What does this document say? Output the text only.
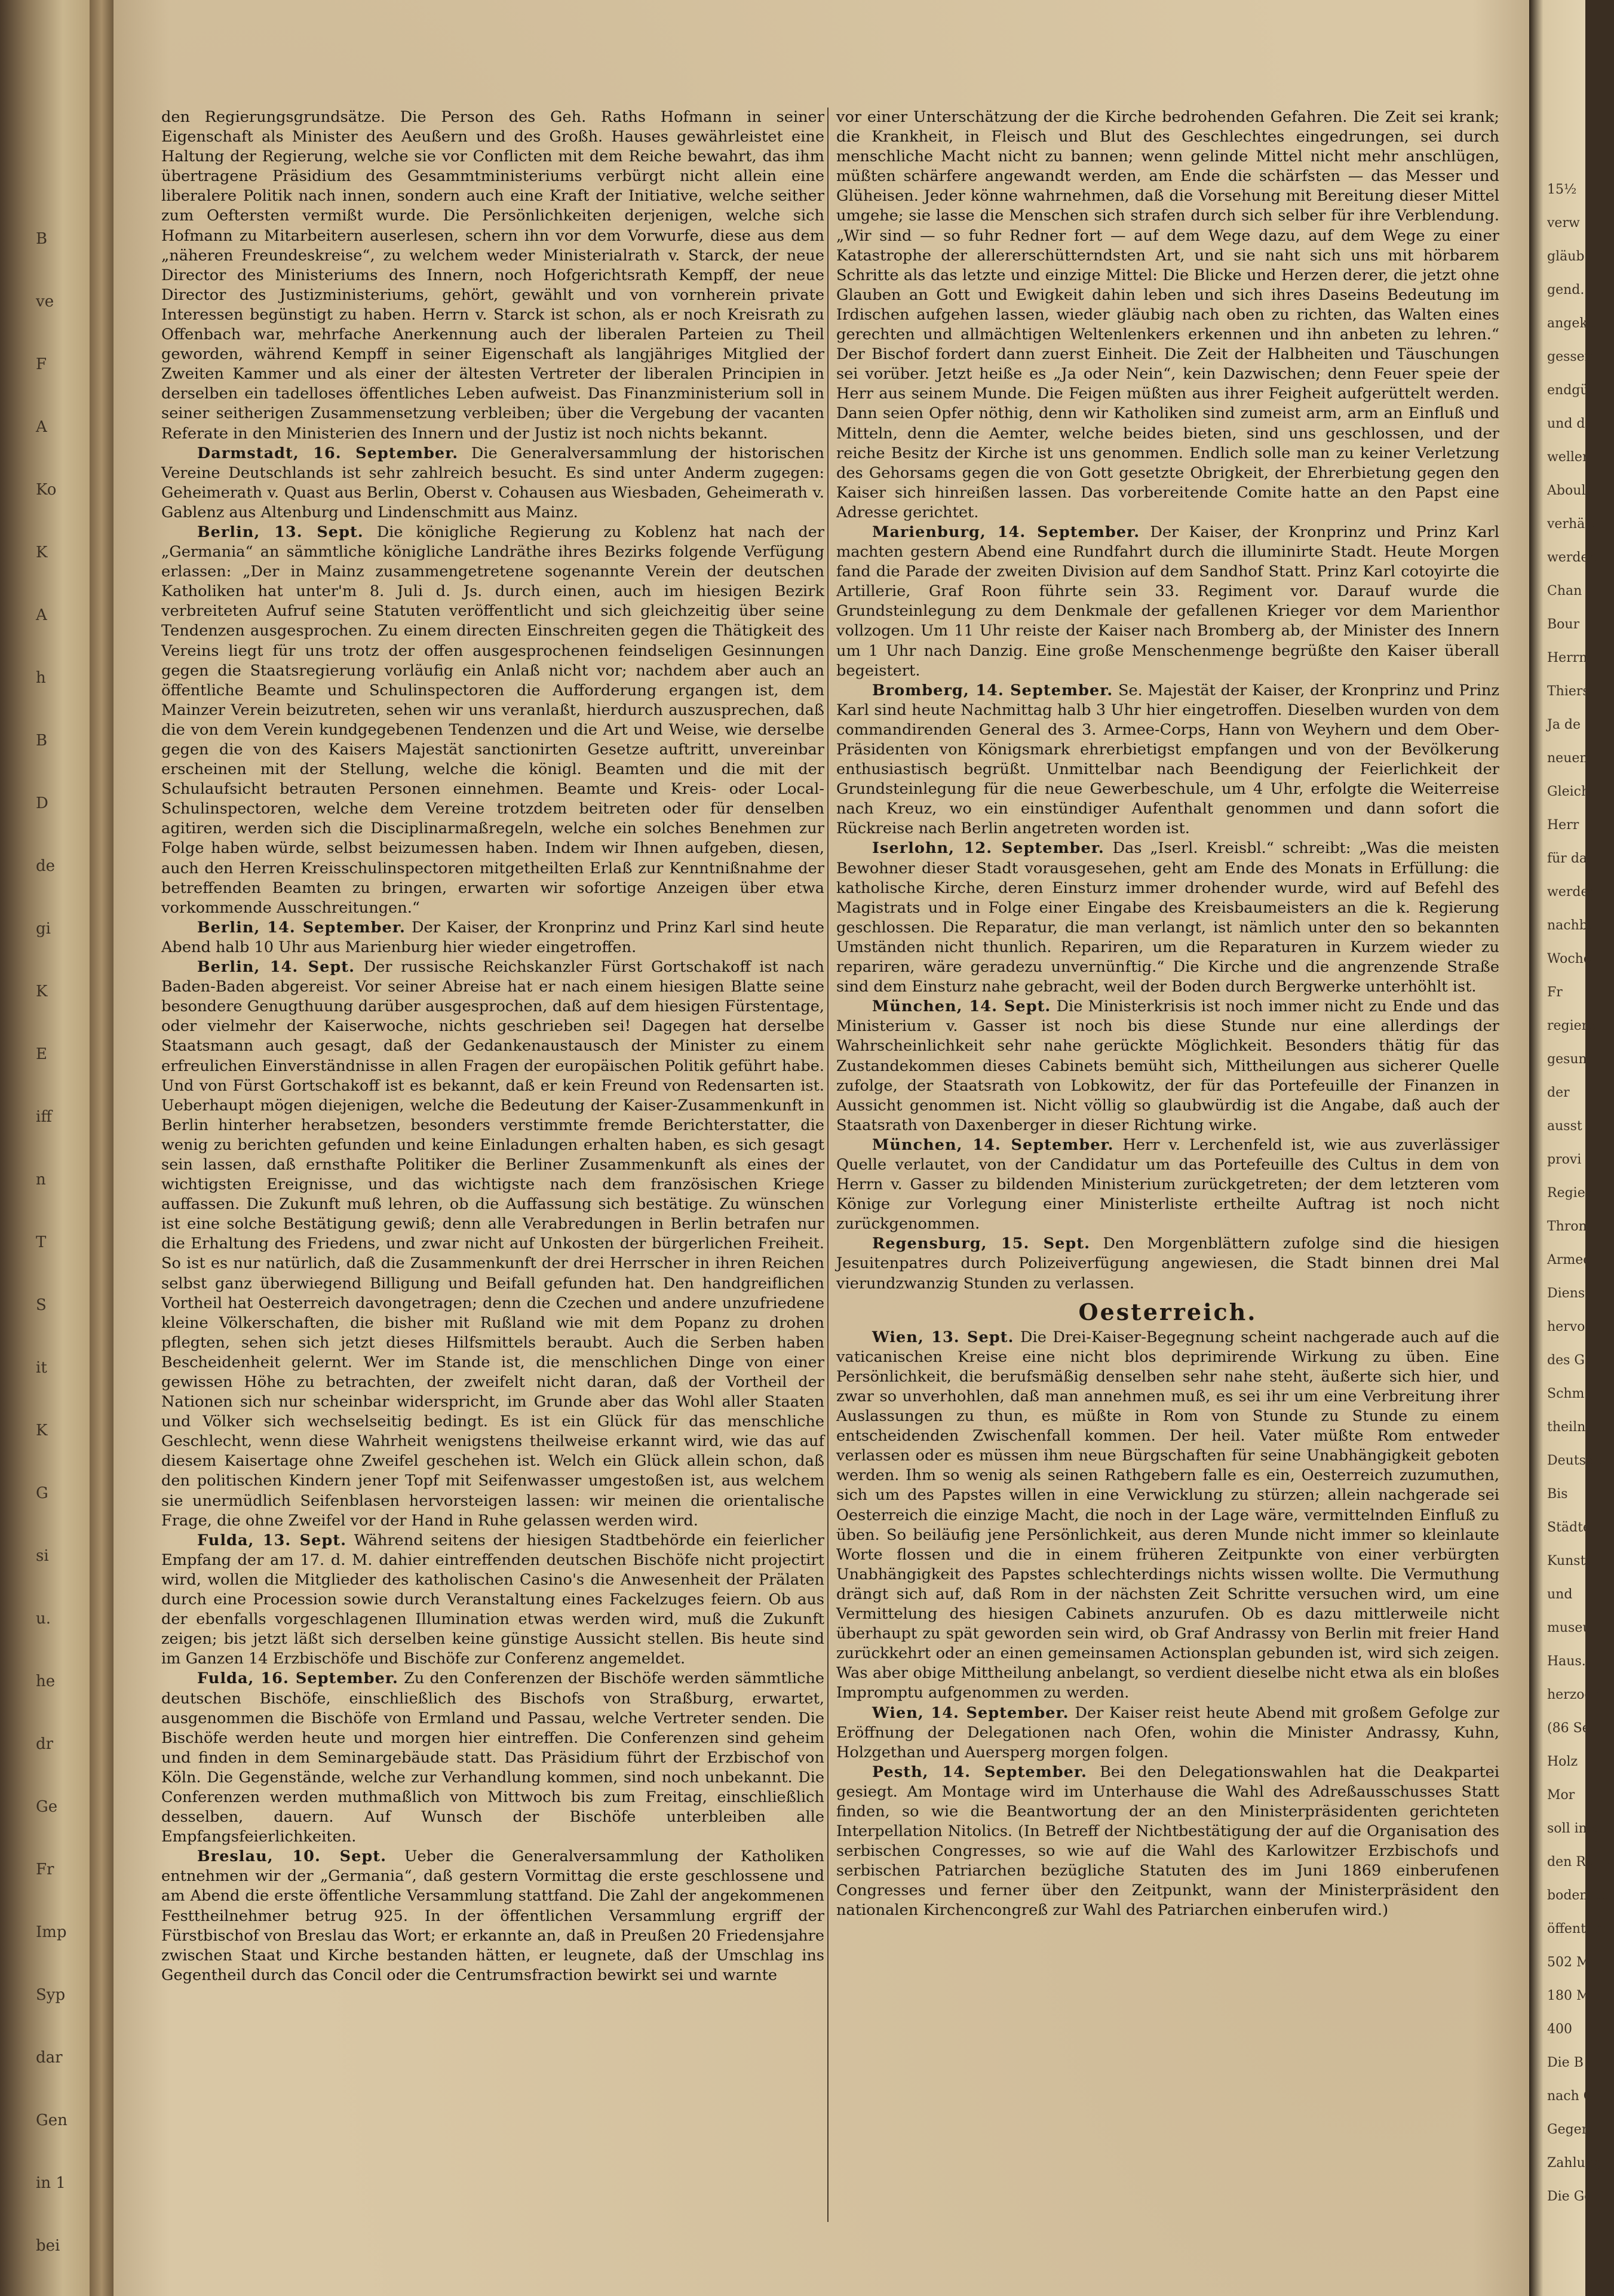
B
ve
F
A
Ko
K
A
h
B
D
de
gi
K
E
iff
n
T
S
it
K
G
si
u.
he
dr
Ge
Fr
Imp
Syp
dar
Gen
in 1
bei

den Regierungsgrundsätze. Die Person des Geh. Raths Hofmann in seiner Eigenschaft als Minister des Aeußern und des Großh. Hauses gewährleistet eine Haltung der Regierung, welche sie vor Conflicten mit dem Reiche bewahrt, das ihm übertragene Präsidium des Gesammtministeriums verbürgt nicht allein eine liberalere Politik nach innen, sondern auch eine Kraft der Initiative, welche seither zum Oeftersten vermißt wurde. Die Persönlichkeiten derjenigen, welche sich Hofmann zu Mitarbeitern auserlesen, schern ihn vor dem Vorwurfe, diese aus dem „näheren Freundeskreise“, zu welchem weder Ministerialrath v. Starck, der neue Director des Ministeriums des Innern, noch Hofgerichtsrath Kempff, der neue Director des Justizministeriums, gehört, gewählt und von vornherein private Interessen begünstigt zu haben. Herrn v. Starck ist schon, als er noch Kreisrath zu Offenbach war, mehrfache Anerkennung auch der liberalen Parteien zu Theil geworden, während Kempff in seiner Eigenschaft als langjähriges Mitglied der Zweiten Kammer und als einer der ältesten Vertreter der liberalen Principien in derselben ein tadelloses öffentliches Leben aufweist. Das Finanzministerium soll in seiner seitherigen Zusammensetzung verbleiben; über die Vergebung der vacanten Referate in den Ministerien des Innern und der Justiz ist noch nichts bekannt.

Darmstadt, 16. September. Die Generalversammlung der historischen Vereine Deutschlands ist sehr zahlreich besucht. Es sind unter Anderm zugegen: Geheimerath v. Quast aus Berlin, Oberst v. Cohausen aus Wiesbaden, Geheimerath v. Gablenz aus Altenburg und Lindenschmitt aus Mainz.

Berlin, 13. Sept. Die königliche Regierung zu Koblenz hat nach der „Germania“ an sämmtliche königliche Landräthe ihres Bezirks folgende Verfügung erlassen: „Der in Mainz zusammengetretene sogenannte Verein der deutschen Katholiken hat unter'm 8. Juli d. Js. durch einen, auch im hiesigen Bezirk verbreiteten Aufruf seine Statuten veröffentlicht und sich gleichzeitig über seine Tendenzen ausgesprochen. Zu einem directen Einschreiten gegen die Thätigkeit des Vereins liegt für uns trotz der offen ausgesprochenen feindseligen Gesinnungen gegen die Staatsregierung vorläufig ein Anlaß nicht vor; nachdem aber auch an öffentliche Beamte und Schulinspectoren die Aufforderung ergangen ist, dem Mainzer Verein beizutreten, sehen wir uns veranlaßt, hierdurch auszusprechen, daß die von dem Verein kundgegebenen Tendenzen und die Art und Weise, wie derselbe gegen die von des Kaisers Majestät sanctionirten Gesetze auftritt, unvereinbar erscheinen mit der Stellung, welche die königl. Beamten und die mit der Schulaufsicht betrauten Personen einnehmen. Beamte und Kreis- oder Local-Schulinspectoren, welche dem Vereine trotzdem beitreten oder für denselben agitiren, werden sich die Disciplinarmaßregeln, welche ein solches Benehmen zur Folge haben würde, selbst beizumessen haben. Indem wir Ihnen aufgeben, diesen, auch den Herren Kreisschulinspectoren mitgetheilten Erlaß zur Kenntnißnahme der betreffenden Beamten zu bringen, erwarten wir sofortige Anzeigen über etwa vorkommende Ausschreitungen.“

Berlin, 14. September. Der Kaiser, der Kronprinz und Prinz Karl sind heute Abend halb 10 Uhr aus Marienburg hier wieder eingetroffen.

Berlin, 14. Sept. Der russische Reichskanzler Fürst Gortschakoff ist nach Baden-Baden abgereist. Vor seiner Abreise hat er nach einem hiesigen Blatte seine besondere Genugthuung darüber ausgesprochen, daß auf dem hiesigen Fürstentage, oder vielmehr der Kaiserwoche, nichts geschrieben sei! Dagegen hat derselbe Staatsmann auch gesagt, daß der Gedankenaustausch der Minister zu einem erfreulichen Einverständnisse in allen Fragen der europäischen Politik geführt habe. Und von Fürst Gortschakoff ist es bekannt, daß er kein Freund von Redensarten ist. Ueberhaupt mögen diejenigen, welche die Bedeutung der Kaiser-Zusammenkunft in Berlin hinterher herabsetzen, besonders verstimmte fremde Berichterstatter, die wenig zu berichten gefunden und keine Einladungen erhalten haben, es sich gesagt sein lassen, daß ernsthafte Politiker die Berliner Zusammenkunft als eines der wichtigsten Ereignisse, und das wichtigste nach dem französischen Kriege auffassen. Die Zukunft muß lehren, ob die Auffassung sich bestätige. Zu wünschen ist eine solche Bestätigung gewiß; denn alle Verabredungen in Berlin betrafen nur die Erhaltung des Friedens, und zwar nicht auf Unkosten der bürgerlichen Freiheit. So ist es nur natürlich, daß die Zusammenkunft der drei Herrscher in ihren Reichen selbst ganz überwiegend Billigung und Beifall gefunden hat. Den handgreiflichen Vortheil hat Oesterreich davongetragen; denn die Czechen und andere unzufriedene kleine Völkerschaften, die bisher mit Rußland wie mit dem Popanz zu drohen pflegten, sehen sich jetzt dieses Hilfsmittels beraubt. Auch die Serben haben Bescheidenheit gelernt. Wer im Stande ist, die menschlichen Dinge von einer gewissen Höhe zu betrachten, der zweifelt nicht daran, daß der Vortheil der Nationen sich nur scheinbar widerspricht, im Grunde aber das Wohl aller Staaten und Völker sich wechselseitig bedingt. Es ist ein Glück für das menschliche Geschlecht, wenn diese Wahrheit wenigstens theilweise erkannt wird, wie das auf diesem Kaisertage ohne Zweifel geschehen ist. Welch ein Glück allein schon, daß den politischen Kindern jener Topf mit Seifenwasser umgestoßen ist, aus welchem sie unermüdlich Seifenblasen hervorsteigen lassen: wir meinen die orientalische Frage, die ohne Zweifel vor der Hand in Ruhe gelassen werden wird.

Fulda, 13. Sept. Während seitens der hiesigen Stadtbehörde ein feierlicher Empfang der am 17. d. M. dahier eintreffenden deutschen Bischöfe nicht projectirt wird, wollen die Mitglieder des katholischen Casino's die Anwesenheit der Prälaten durch eine Procession sowie durch Veranstaltung eines Fackelzuges feiern. Ob aus der ebenfalls vorgeschlagenen Illumination etwas werden wird, muß die Zukunft zeigen; bis jetzt läßt sich derselben keine günstige Aussicht stellen. Bis heute sind im Ganzen 14 Erzbischöfe und Bischöfe zur Conferenz angemeldet.

Fulda, 16. September. Zu den Conferenzen der Bischöfe werden sämmtliche deutschen Bischöfe, einschließlich des Bischofs von Straßburg, erwartet, ausgenommen die Bischöfe von Ermland und Passau, welche Vertreter senden. Die Bischöfe werden heute und morgen hier eintreffen. Die Conferenzen sind geheim und finden in dem Seminargebäude statt. Das Präsidium führt der Erzbischof von Köln. Die Gegenstände, welche zur Verhandlung kommen, sind noch unbekannt. Die Conferenzen werden muthmaßlich von Mittwoch bis zum Freitag, einschließlich desselben, dauern. Auf Wunsch der Bischöfe unterbleiben alle Empfangsfeierlichkeiten.

Breslau, 10. Sept. Ueber die Generalversammlung der Katholiken entnehmen wir der „Germania“, daß gestern Vormittag die erste geschlossene und am Abend die erste öffentliche Versammlung stattfand. Die Zahl der angekommenen Festtheilnehmer betrug 925. In der öffentlichen Versammlung ergriff der Fürstbischof von Breslau das Wort; er erkannte an, daß in Preußen 20 Friedensjahre zwischen Staat und Kirche bestanden hätten, er leugnete, daß der Umschlag ins Gegentheil durch das Concil oder die Centrumsfraction bewirkt sei und warnte

vor einer Unterschätzung der die Kirche bedrohenden Gefahren. Die Zeit sei krank; die Krankheit, in Fleisch und Blut des Geschlechtes eingedrungen, sei durch menschliche Macht nicht zu bannen; wenn gelinde Mittel nicht mehr anschlügen, müßten schärfere angewandt werden, am Ende die schärfsten — das Messer und Glüheisen. Jeder könne wahrnehmen, daß die Vorsehung mit Bereitung dieser Mittel umgehe; sie lasse die Menschen sich strafen durch sich selber für ihre Verblendung. „Wir sind — so fuhr Redner fort — auf dem Wege dazu, auf dem Wege zu einer Katastrophe der allererschütterndsten Art, und sie naht sich uns mit hörbarem Schritte als das letzte und einzige Mittel: Die Blicke und Herzen derer, die jetzt ohne Glauben an Gott und Ewigkeit dahin leben und sich ihres Daseins Bedeutung im Irdischen aufgehen lassen, wieder gläubig nach oben zu richten, das Walten eines gerechten und allmächtigen Weltenlenkers erkennen und ihn anbeten zu lehren.“ Der Bischof fordert dann zuerst Einheit. Die Zeit der Halbheiten und Täuschungen sei vorüber. Jetzt heiße es „Ja oder Nein“, kein Dazwischen; denn Feuer speie der Herr aus seinem Munde. Die Feigen müßten aus ihrer Feigheit aufgerüttelt werden. Dann seien Opfer nöthig, denn wir Katholiken sind zumeist arm, arm an Einfluß und Mitteln, denn die Aemter, welche beides bieten, sind uns geschlossen, und der reiche Besitz der Kirche ist uns genommen. Endlich solle man zu keiner Verletzung des Gehorsams gegen die von Gott gesetzte Obrigkeit, der Ehrerbietung gegen den Kaiser sich hinreißen lassen. Das vorbereitende Comite hatte an den Papst eine Adresse gerichtet.

Marienburg, 14. September. Der Kaiser, der Kronprinz und Prinz Karl machten gestern Abend eine Rundfahrt durch die illuminirte Stadt. Heute Morgen fand die Parade der zweiten Division auf dem Sandhof Statt. Prinz Karl cotoyirte die Artillerie, Graf Roon führte sein 33. Regiment vor. Darauf wurde die Grundsteinlegung zu dem Denkmale der gefallenen Krieger vor dem Marienthor vollzogen. Um 11 Uhr reiste der Kaiser nach Bromberg ab, der Minister des Innern um 1 Uhr nach Danzig. Eine große Menschenmenge begrüßte den Kaiser überall begeistert.

Bromberg, 14. September. Se. Majestät der Kaiser, der Kronprinz und Prinz Karl sind heute Nachmittag halb 3 Uhr hier eingetroffen. Dieselben wurden von dem commandirenden General des 3. Armee-Corps, Hann von Weyhern und dem Ober-Präsidenten von Königsmark ehrerbietigst empfangen und von der Bevölkerung enthusiastisch begrüßt. Unmittelbar nach Beendigung der Feierlichkeit der Grundsteinlegung für die neue Gewerbeschule, um 4 Uhr, erfolgte die Weiterreise nach Kreuz, wo ein einstündiger Aufenthalt genommen und dann sofort die Rückreise nach Berlin angetreten worden ist.

Iserlohn, 12. September. Das „Iserl. Kreisbl.“ schreibt: „Was die meisten Bewohner dieser Stadt vorausgesehen, geht am Ende des Monats in Erfüllung: die katholische Kirche, deren Einsturz immer drohender wurde, wird auf Befehl des Magistrats und in Folge einer Eingabe des Kreisbaumeisters an die k. Regierung geschlossen. Die Reparatur, die man verlangt, ist nämlich unter den so bekannten Umständen nicht thunlich. Repariren, um die Reparaturen in Kurzem wieder zu repariren, wäre geradezu unvernünftig.“ Die Kirche und die angrenzende Straße sind dem Einsturz nahe gebracht, weil der Boden durch Bergwerke unterhöhlt ist.

München, 14. Sept. Die Ministerkrisis ist noch immer nicht zu Ende und das Ministerium v. Gasser ist noch bis diese Stunde nur eine allerdings der Wahrscheinlichkeit sehr nahe gerückte Möglichkeit. Besonders thätig für das Zustandekommen dieses Cabinets bemüht sich, Mittheilungen aus sicherer Quelle zufolge, der Staatsrath von Lobkowitz, der für das Portefeuille der Finanzen in Aussicht genommen ist. Nicht völlig so glaubwürdig ist die Angabe, daß auch der Staatsrath von Daxenberger in dieser Richtung wirke.

München, 14. September. Herr v. Lerchenfeld ist, wie aus zuverlässiger Quelle verlautet, von der Candidatur um das Portefeuille des Cultus in dem von Herrn v. Gasser zu bildenden Ministerium zurückgetreten; der dem letzteren vom Könige zur Vorlegung einer Ministerliste ertheilte Auftrag ist noch nicht zurückgenommen.

Regensburg, 15. Sept. Den Morgenblättern zufolge sind die hiesigen Jesuitenpatres durch Polizeiverfügung angewiesen, die Stadt binnen drei Mal vierundzwanzig Stunden zu verlassen.

Oesterreich.

Wien, 13. Sept. Die Drei-Kaiser-Begegnung scheint nachgerade auch auf die vaticanischen Kreise eine nicht blos deprimirende Wirkung zu üben. Eine Persönlichkeit, die berufsmäßig denselben sehr nahe steht, äußerte sich hier, und zwar so unverhohlen, daß man annehmen muß, es sei ihr um eine Verbreitung ihrer Auslassungen zu thun, es müßte in Rom von Stunde zu Stunde zu einem entscheidenden Zwischenfall kommen. Der heil. Vater müßte Rom entweder verlassen oder es müssen ihm neue Bürgschaften für seine Unabhängigkeit geboten werden. Ihm so wenig als seinen Rathgebern falle es ein, Oesterreich zuzumuthen, sich um des Papstes willen in eine Verwicklung zu stürzen; allein nachgerade sei Oesterreich die einzige Macht, die noch in der Lage wäre, vermittelnden Einfluß zu üben. So beiläufig jene Persönlichkeit, aus deren Munde nicht immer so kleinlaute Worte flossen und die in einem früheren Zeitpunkte von einer verbürgten Unabhängigkeit des Papstes schlechterdings nichts wissen wollte. Die Vermuthung drängt sich auf, daß Rom in der nächsten Zeit Schritte versuchen wird, um eine Vermittelung des hiesigen Cabinets anzurufen. Ob es dazu mittlerweile nicht überhaupt zu spät geworden sein wird, ob Graf Andrassy von Berlin mit freier Hand zurückkehrt oder an einen gemeinsamen Actionsplan gebunden ist, wird sich zeigen. Was aber obige Mittheilung anbelangt, so verdient dieselbe nicht etwa als ein bloßes Impromptu aufgenommen zu werden.

Wien, 14. September. Der Kaiser reist heute Abend mit großem Gefolge zur Eröffnung der Delegationen nach Ofen, wohin die Minister Andrassy, Kuhn, Holzgethan und Auersperg morgen folgen.

Pesth, 14. September. Bei den Delegationswahlen hat die Deakpartei gesiegt. Am Montage wird im Unterhause die Wahl des Adreßausschusses Statt finden, so wie die Beantwortung der an den Ministerpräsidenten gerichteten Interpellation Nitolics. (In Betreff der Nichtbestätigung der auf die Organisation des serbischen Congresses, so wie auf die Wahl des Karlowitzer Erzbischofs und serbischen Patriarchen bezügliche Statuten des im Juni 1869 einberufenen Congresses und ferner über den Zeitpunkt, wann der Ministerpräsident den nationalen Kirchencongreß zur Wahl des Patriarchen einberufen wird.)

15½
verw
gläub
gend.
angekü
gessern
endgül
und de
wellen
Abouli
verhält
werden
Chan
Bour
Herrn
Thiers
Ja de
neuen
Gleich
Herr
für da
werden
nachba
Woche
Fr
regiere
gesun
der
ausst
provi
Regier
Thron
Armee
Dienst
hervor
des G
Schm
theilne
Deutsch
Bis
Städte
Kunst
und
museum
Haus.
herzogli
(86 Se
Holz
Mor
soll in d
den Reihe
boden un
öffentlich
502 M.
180 M.
400
Die B
nach Gr
Gegen
Zahlung
Die Ge
